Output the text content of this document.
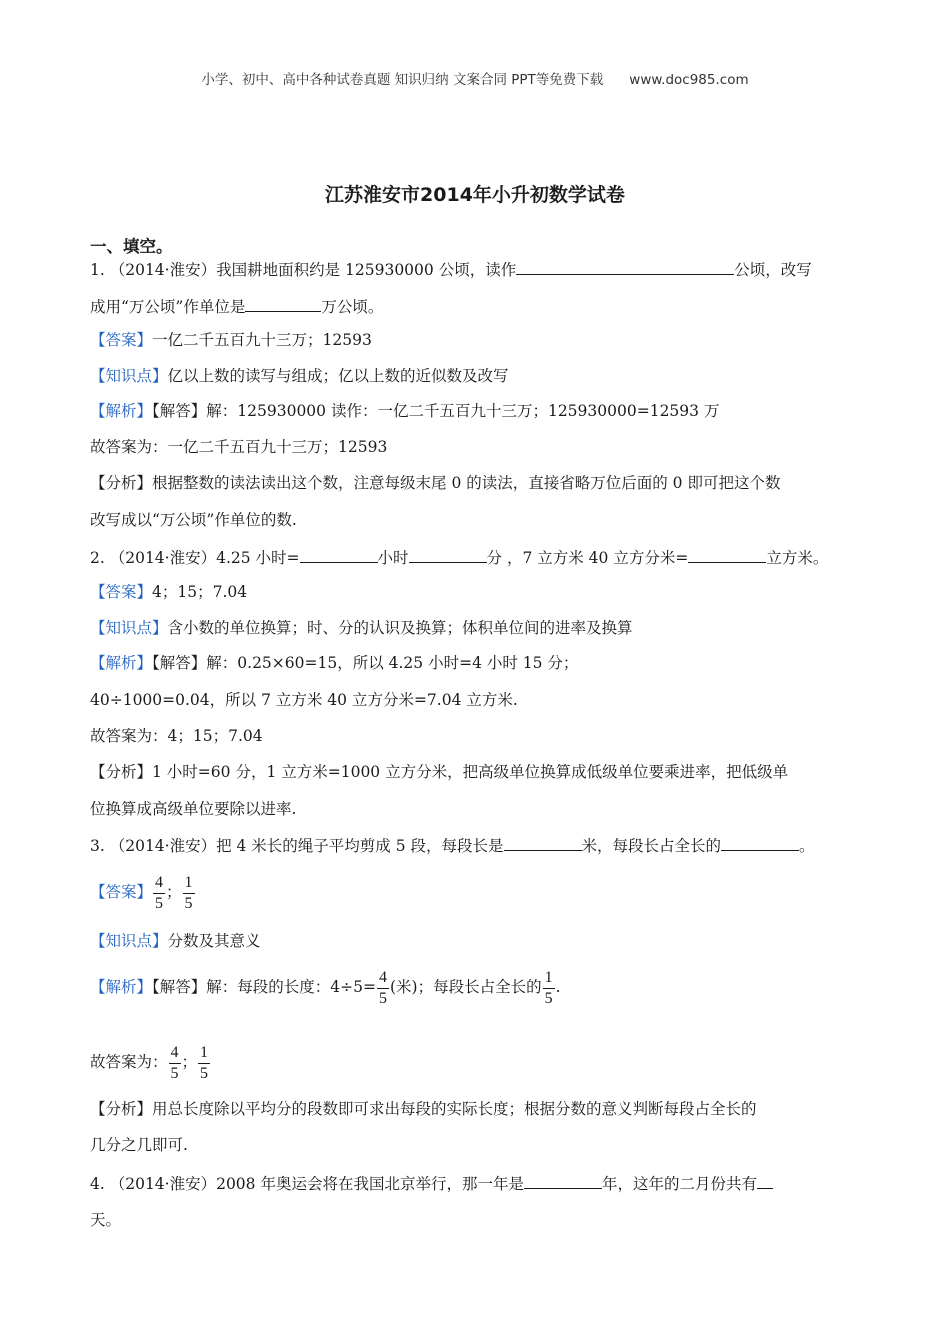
小学、初中、高中各种试卷真题 知识归纳 文案合同 PPT等免费下载 www.doc985.com
江苏淮安市2014年小升初数学试卷
一、填空。
1. （2014·淮安）我国耕地面积约是 125930000 公顷，读作	公顷，改写
成用“万公顷”作单位是	万公顷。
【答案】一亿二千五百九十三万；12593
【知识点】亿以上数的读写与组成；亿以上数的近似数及改写
【解析】【解答】解：125930000 读作：一亿二千五百九十三万；125930000=12593 万
故答案为：一亿二千五百九十三万；12593
【分析】根据整数的读法读出这个数，注意每级末尾 0 的读法，直接省略万位后面的 0 即可把这个数
改写成以“万公顷”作单位的数.
2. （2014·淮安）4.25 小时=	小时	分 ，7 立方米 40 立方分米=	立方米。
【答案】4；15；7.04
【知识点】含小数的单位换算；时、分的认识及换算；体积单位间的进率及换算
【解析】【解答】解：0.25×60=15，所以 4.25 小时=4 小时 15 分；
40÷1000=0.04，所以 7 立方米 40 立方分米=7.04 立方米.
故答案为：4；15；7.04
【分析】1 小时=60 分，1 立方米=1000 立方分米，把高级单位换算成低级单位要乘进率，把低级单
位换算成高级单位要除以进率.
3. （2014·淮安）把 4 米长的绳子平均剪成 5 段，每段长是	米，每段长占全长的	。
【答案】 $\frac{4}{5}$ ； $\frac{1}{5}$
【知识点】分数及其意义
【解析】【解答】解：每段的长度：$4\div 5= \frac{4}{5}$ (米)；每段长占全长的 $\frac{1}{5}$ .
故答案为： $\frac{4}{5}$ ； $\frac{1}{5}$
【分析】用总长度除以平均分的段数即可求出每段的实际长度；根据分数的意义判断每段占全长的
几分之几即可.
4. （2014·淮安）2008 年奥运会将在我国北京举行，那一年是	年，这年的二月份共有
天。
